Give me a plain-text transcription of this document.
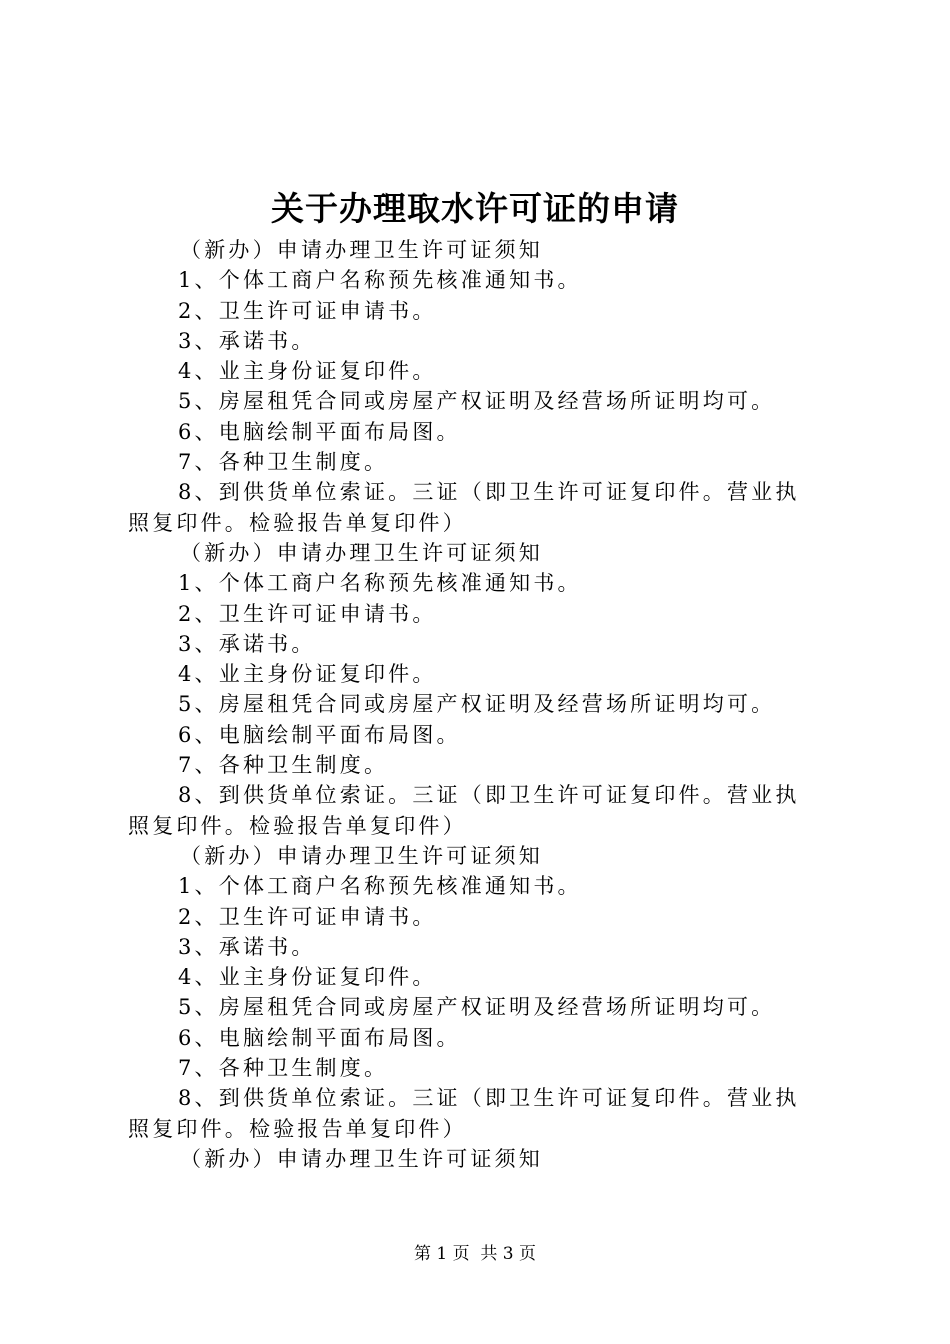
关于办理取水许可证的申请

（新办）申请办理卫生许可证须知

1、个体工商户名称预先核准通知书。

2、卫生许可证申请书。

3、承诺书。

4、业主身份证复印件。

5、房屋租凭合同或房屋产权证明及经营场所证明均可。

6、电脑绘制平面布局图。

7、各种卫生制度。

8、到供货单位索证。三证（即卫生许可证复印件。营业执

照复印件。检验报告单复印件）

（新办）申请办理卫生许可证须知

1、个体工商户名称预先核准通知书。

2、卫生许可证申请书。

3、承诺书。

4、业主身份证复印件。

5、房屋租凭合同或房屋产权证明及经营场所证明均可。

6、电脑绘制平面布局图。

7、各种卫生制度。

8、到供货单位索证。三证（即卫生许可证复印件。营业执

照复印件。检验报告单复印件）

（新办）申请办理卫生许可证须知

1、个体工商户名称预先核准通知书。

2、卫生许可证申请书。

3、承诺书。

4、业主身份证复印件。

5、房屋租凭合同或房屋产权证明及经营场所证明均可。

6、电脑绘制平面布局图。

7、各种卫生制度。

8、到供货单位索证。三证（即卫生许可证复印件。营业执

照复印件。检验报告单复印件）

（新办）申请办理卫生许可证须知

第 1 页  共 3 页
